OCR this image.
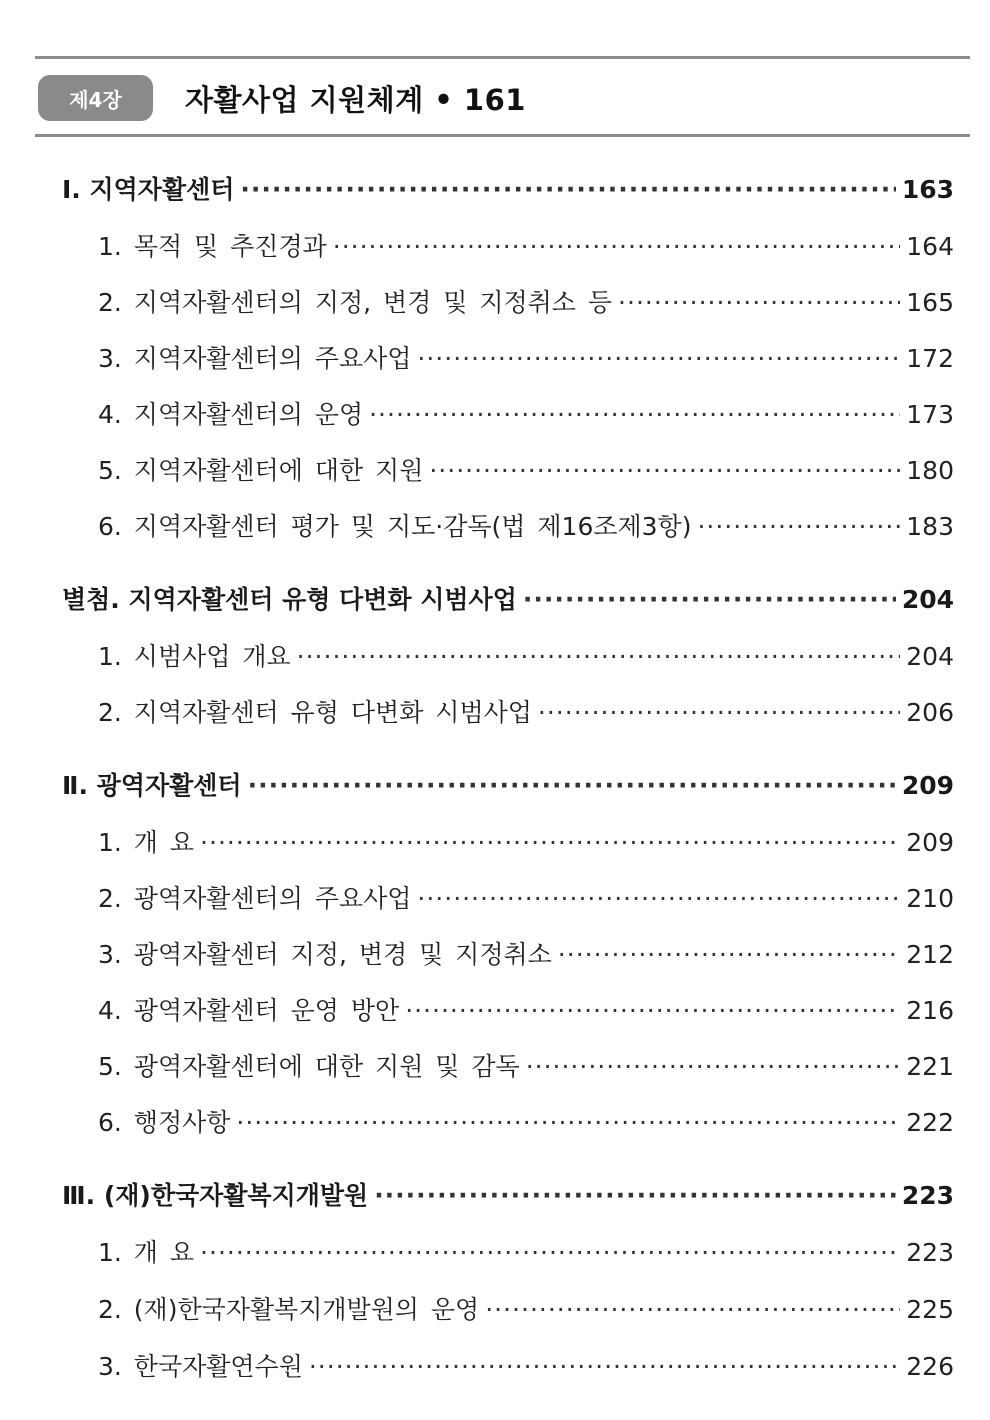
제4장	자활사업 지원체계 • 161
Ⅰ. 지역자활센터 ·····	163
1. 목적 및 추진경과 ·····	164
2. 지역자활센터의 지정, 변경 및 지정취소 등 ·····	165
3. 지역자활센터의 주요사업 ·····	172
4. 지역자활센터의 운영 ·····	173
5. 지역자활센터에 대한 지원 ·····	180
6. 지역자활센터 평가 및 지도·감독(법 제16조제3항) ·····	183
별첨. 지역자활센터 유형 다변화 시범사업 ·····	204
1. 시범사업 개요 ·····	204
2. 지역자활센터 유형 다변화 시범사업 ·····	206
Ⅱ. 광역자활센터 ·····	209
1. 개 요 ·····	209
2. 광역자활센터의 주요사업 ·····	210
3. 광역자활센터 지정, 변경 및 지정취소 ·····	212
4. 광역자활센터 운영 방안 ·····	216
5. 광역자활센터에 대한 지원 및 감독 ·····	221
6. 행정사항 ·····	222
Ⅲ. (재)한국자활복지개발원 ·····	223
1. 개 요 ·····	223
2. (재)한국자활복지개발원의 운영 ·····	225
3. 한국자활연수원 ·····	226
